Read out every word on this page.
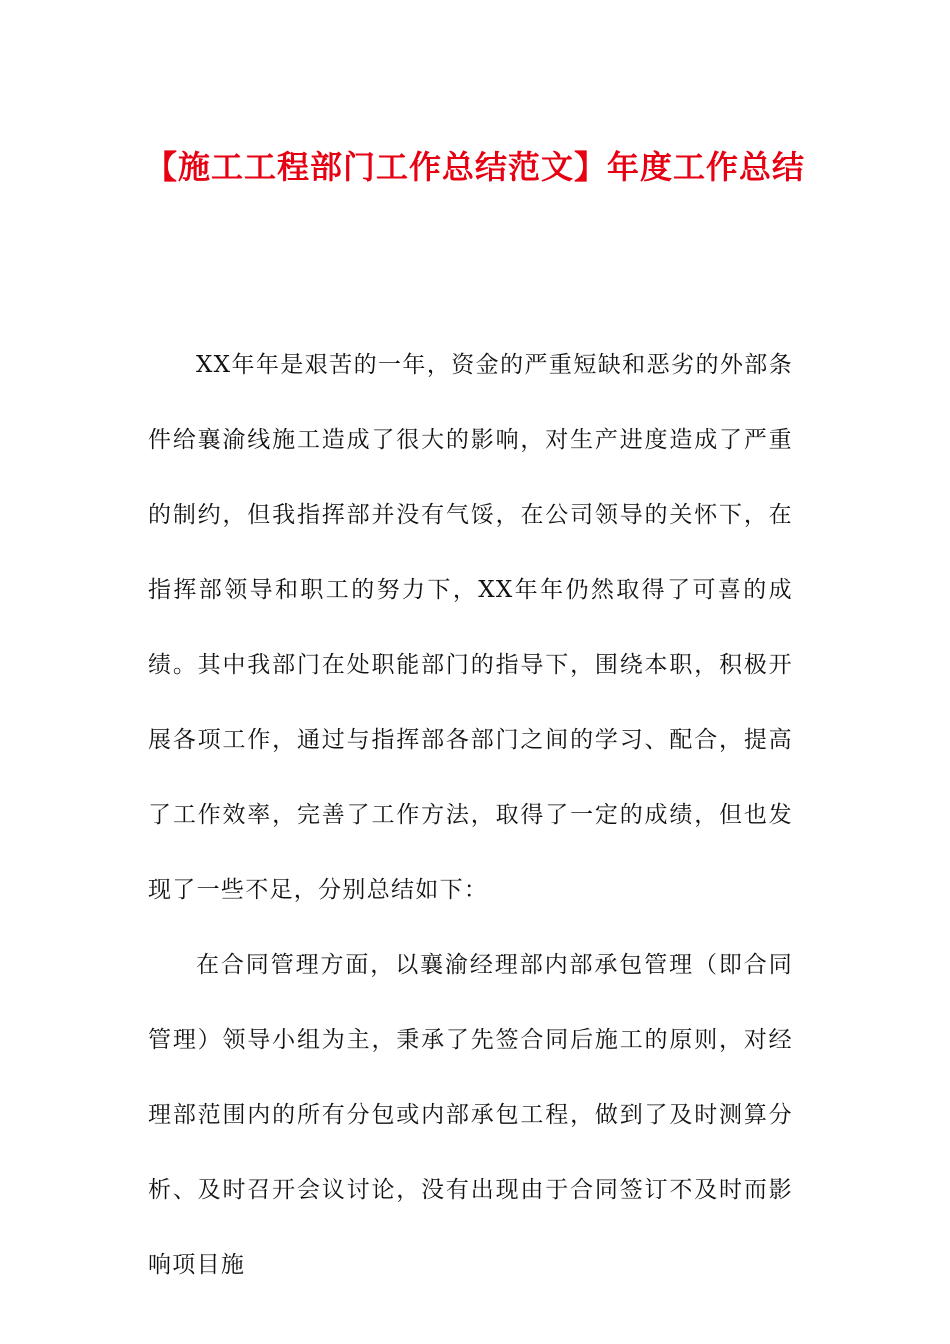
【施工工程部门工作总结范文】年度工作总结

XX年年是艰苦的一年，资金的严重短缺和恶劣的外部条件给襄渝线施工造成了很大的影响，对生产进度造成了严重的制约，但我指挥部并没有气馁，在公司领导的关怀下，在指挥部领导和职工的努力下，XX年年仍然取得了可喜的成绩。其中我部门在处职能部门的指导下，围绕本职，积极开展各项工作，通过与指挥部各部门之间的学习、配合，提高了工作效率，完善了工作方法，取得了一定的成绩，但也发现了一些不足，分别总结如下：

在合同管理方面，以襄渝经理部内部承包管理（即合同管理）领导小组为主，秉承了先签合同后施工的原则，对经理部范围内的所有分包或内部承包工程，做到了及时测算分析、及时召开会议讨论，没有出现由于合同签订不及时而影响项目施
